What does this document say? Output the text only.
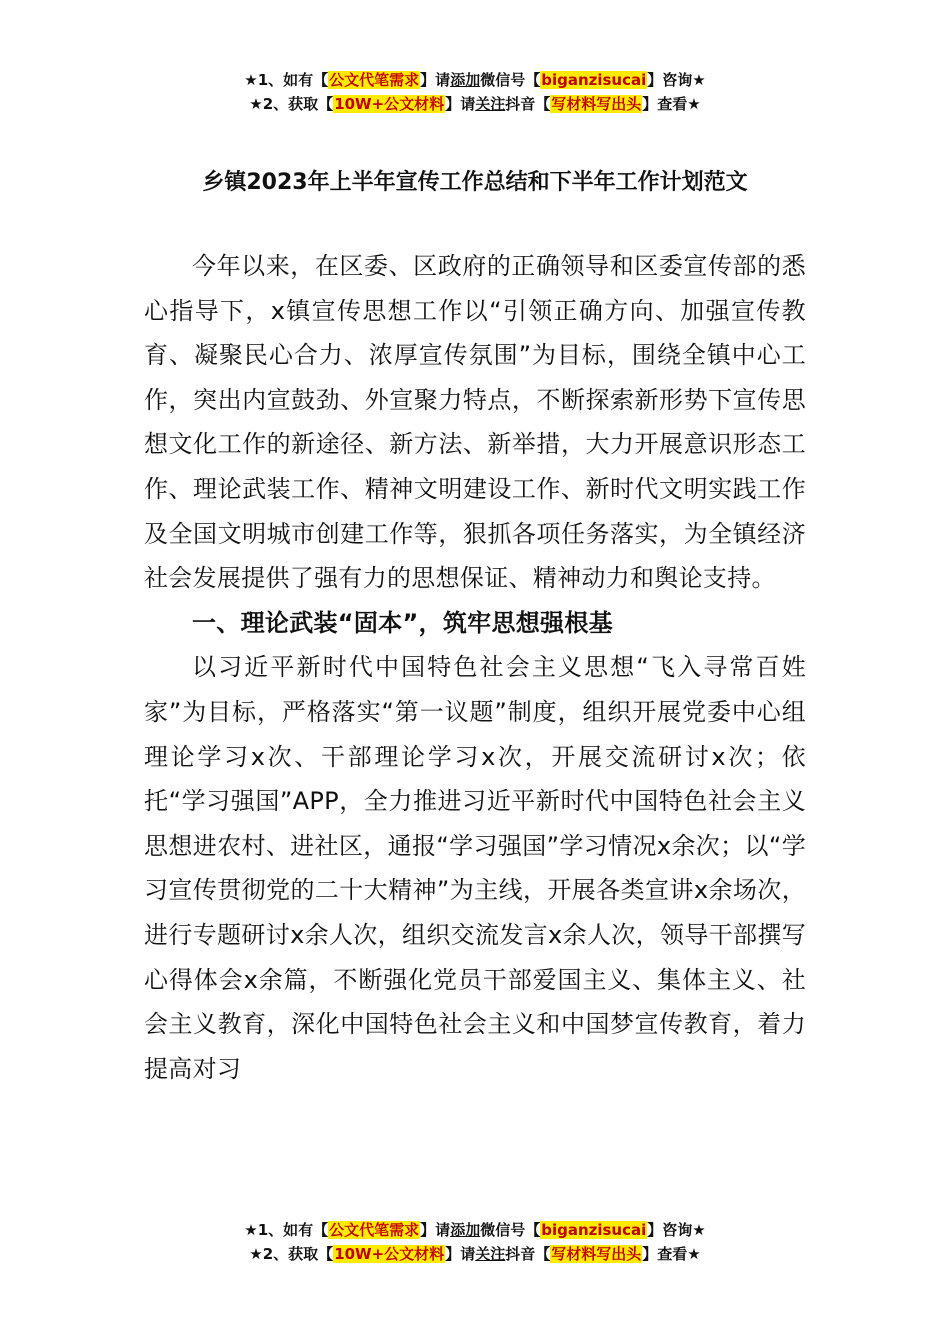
★1、如有【公文代笔需求】请添加微信号【biganzisucai】咨询★
★2、获取【10W+公文材料】请关注抖音【写材料写出头】查看★
乡镇2023年上半年宣传工作总结和下半年工作计划范文

今年以来，在区委、区政府的正确领导和区委宣传部的悉心指导下，x镇宣传思想工作以“引领正确方向、加强宣传教育、凝聚民心合力、浓厚宣传氛围”为目标，围绕全镇中心工作，突出内宣鼓劲、外宣聚力特点，不断探索新形势下宣传思想文化工作的新途径、新方法、新举措，大力开展意识形态工作、理论武装工作、精神文明建设工作、新时代文明实践工作及全国文明城市创建工作等，狠抓各项任务落实，为全镇经济社会发展提供了强有力的思想保证、精神动力和舆论支持。

一、理论武装“固本”，筑牢思想强根基

以习近平新时代中国特色社会主义思想“飞入寻常百姓家”为目标，严格落实“第一议题”制度，组织开展党委中心组理论学习x次、干部理论学习x次，开展交流研讨x次；依托“学习强国”APP，全力推进习近平新时代中国特色社会主义思想进农村、进社区，通报“学习强国”学习情况x余次；以“学习宣传贯彻党的二十大精神”为主线，开展各类宣讲x余场次，进行专题研讨x余人次，组织交流发言x余人次，领导干部撰写心得体会x余篇，不断强化党员干部爱国主义、集体主义、社会主义教育，深化中国特色社会主义和中国梦宣传教育，着力提高对习

★1、如有【公文代笔需求】请添加微信号【biganzisucai】咨询★
★2、获取【10W+公文材料】请关注抖音【写材料写出头】查看★
